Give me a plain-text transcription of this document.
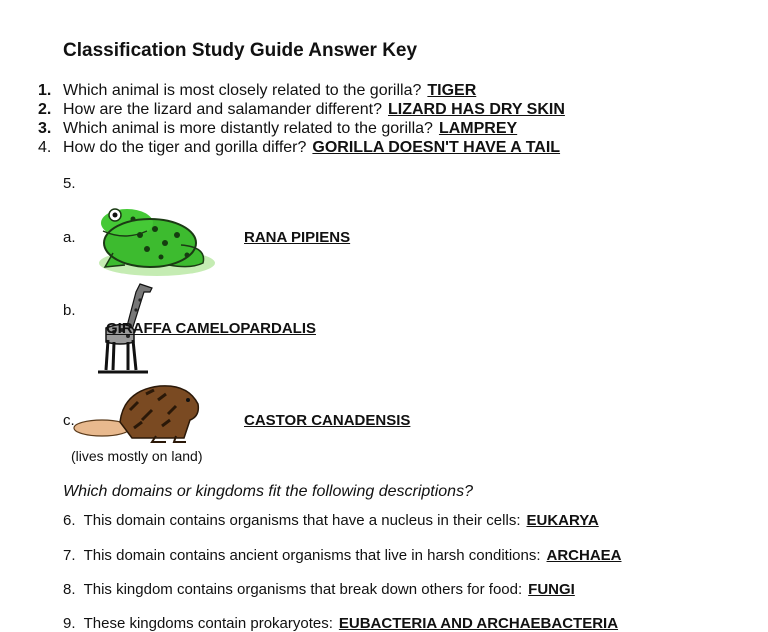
Classification Study Guide Answer Key
1. Which animal is most closely related to the gorilla? TIGER
2. How are the lizard and salamander different? LIZARD HAS DRY SKIN
3. Which animal is more distantly related to the gorilla? LAMPREY
4. How do the tiger and gorilla differ? GORILLA DOESN'T HAVE A TAIL
5.
a.	RANA PIPIENS
b.
GIRAFFA CAMELOPARDALIS
c.	CASTOR CANADENSIS
(lives mostly on land)
Which domains or kingdoms fit the following descriptions?
6. This domain contains organisms that have a nucleus in their cells: EUKARYA
7. This domain contains ancient organisms that live in harsh conditions: ARCHAEA
8. This kingdom contains organisms that break down others for food: FUNGI
9. These kingdoms contain prokaryotes: EUBACTERIA AND ARCHAEBACTERIA
